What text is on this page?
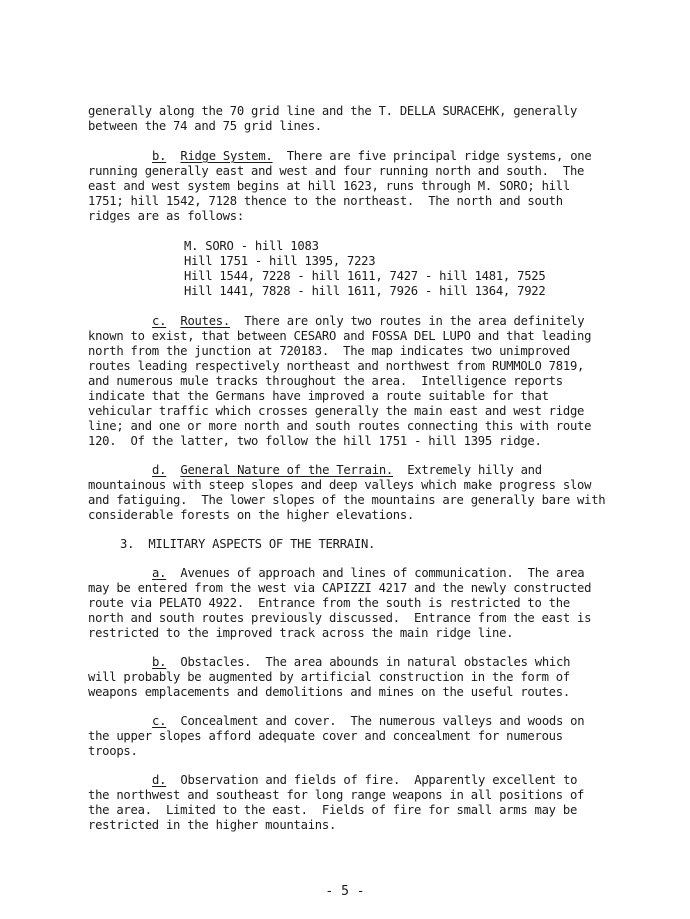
generally along the 70 grid line and the T. DELLA SURACEHK, generally
between the 74 and 75 grid lines.
b. Ridge System. There are five principal ridge systems, one
running generally east and west and four running north and south.  The
east and west system begins at hill 1623, runs through M. SORO; hill
1751; hill 1542, 7128 thence to the northeast.  The north and south
ridges are as follows:
M. SORO - hill 1083
Hill 1751 - hill 1395, 7223
Hill 1544, 7228 - hill 1611, 7427 - hill 1481, 7525
Hill 1441, 7828 - hill 1611, 7926 - hill 1364, 7922
c. Routes. There are only two routes in the area definitely
known to exist, that between CESARO and FOSSA DEL LUPO and that leading
north from the junction at 720183.  The map indicates two unimproved
routes leading respectively northeast and northwest from RUMMOLO 7819,
and numerous mule tracks throughout the area.  Intelligence reports
indicate that the Germans have improved a route suitable for that
vehicular traffic which crosses generally the main east and west ridge
line; and one or more north and south routes connecting this with route
120.  Of the latter, two follow the hill 1751 - hill 1395 ridge.
d. General Nature of the Terrain. Extremely hilly and
mountainous with steep slopes and deep valleys which make progress slow
and fatiguing.  The lower slopes of the mountains are generally bare with
considerable forests on the higher elevations.
3.  MILITARY ASPECTS OF THE TERRAIN.
a. Avenues of approach and lines of communication.  The area
may be entered from the west via CAPIZZI 4217 and the newly constructed
route via PELATO 4922.  Entrance from the south is restricted to the
north and south routes previously discussed.  Entrance from the east is
restricted to the improved track across the main ridge line.
b. Obstacles.  The area abounds in natural obstacles which
will probably be augmented by artificial construction in the form of
weapons emplacements and demolitions and mines on the useful routes.
c. Concealment and cover.  The numerous valleys and woods on
the upper slopes afford adequate cover and concealment for numerous
troops.
d. Observation and fields of fire.  Apparently excellent to
the northwest and southeast for long range weapons in all positions of
the area.  Limited to the east.  Fields of fire for small arms may be
restricted in the higher mountains.
- 5 -
